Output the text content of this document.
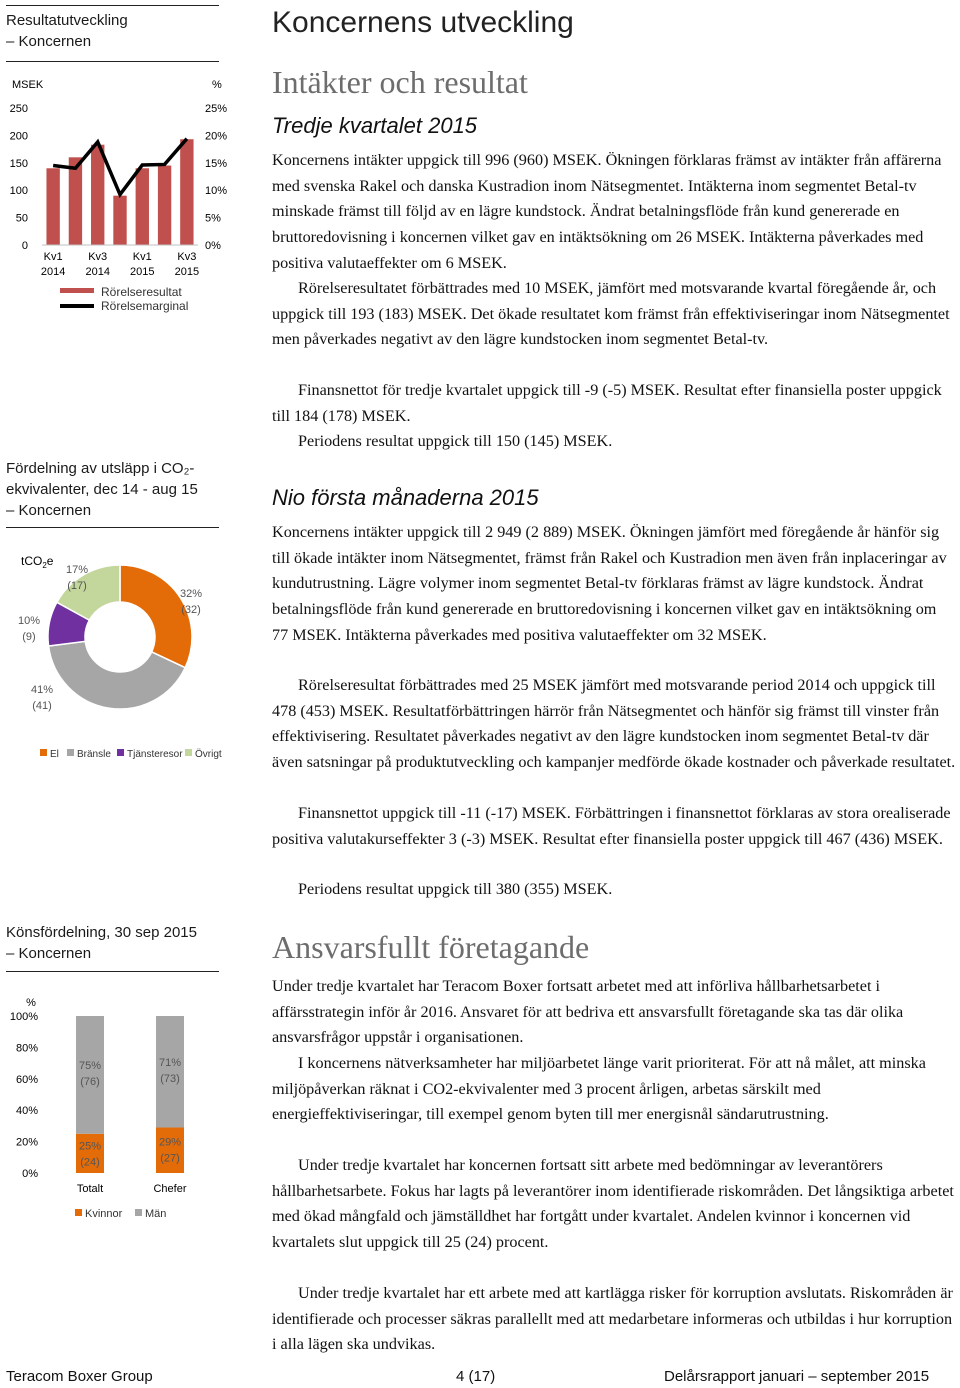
Resultatutveckling
– Koncernen
MSEK	%
250
200
150
100
50
0
25%
20%
15%
10%
5%
0%
Kv1
2014
Kv3
2014
Kv1
2015
Kv3
2015
Rörelseresultat
Rörelsemarginal
Fördelning av utsläpp i CO₂-
ekvivalenter, dec 14 - aug 15
– Koncernen
tCO$_2$e
32%
(32)
41%
(41)
10%
(9)
17%
(17)
El Bränsle Tjänsteresor Övrigt
Könsfördelning, 30 sep 2015
– Koncernen
%
100%
80%
60%
40%
20%
0%
75%
(76)
25%
(24)
Totalt
71%
(73)
29%
(27)
Chefer
Kvinnor Män
Koncernens utveckling
Intäkter och resultat
Tredje kvartalet 2015

Koncernens intäkter uppgick till 996 (960) MSEK. Ökningen förklaras främst av intäkter från affärerna med svenska Rakel och danska Kustradion inom Nätsegmentet. Intäkterna inom segmentet Betal-tv minskade främst till följd av en lägre kundstock. Ändrat betalningsflöde från kund genererade en bruttoredovisning i koncernen vilket gav en intäktsökning om 26 MSEK. Intäkterna påverkades med positiva valutaeffekter om 6 MSEK.

Rörelseresultatet förbättrades med 10 MSEK, jämfört med motsvarande kvartal föregående år, och uppgick till 193 (183) MSEK. Det ökade resultatet kom främst från effektiviseringar inom Nätsegmentet men påverkades negativt av den lägre kundstocken inom segmentet Betal-tv.

Finansnettot för tredje kvartalet uppgick till -9 (-5) MSEK. Resultat efter finansiella poster uppgick till 184 (178) MSEK.

Periodens resultat uppgick till 150 (145) MSEK.

Nio första månaderna 2015

Koncernens intäkter uppgick till 2 949 (2 889) MSEK. Ökningen jämfört med föregående år hänför sig till ökade intäkter inom Nätsegmentet, främst från Rakel och Kustradion men även från inplaceringar av kundutrustning. Lägre volymer inom segmentet Betal-tv förklaras främst av lägre kundstock. Ändrat betalningsflöde från kund genererade en bruttoredovisning i koncernen vilket gav en intäktsökning om 77 MSEK. Intäkterna påverkades med positiva valutaeffekter om 32 MSEK.

Rörelseresultat förbättrades med 25 MSEK jämfört med motsvarande period 2014 och uppgick till 478 (453) MSEK. Resultatförbättringen härrör från Nätsegmentet och hänför sig främst till vinster från effektivisering. Resultatet påverkades negativt av den lägre kundstocken inom segmentet Betal-tv där även satsningar på produktutveckling och kampanjer medförde ökade kostnader och påverkade resultatet.

Finansnettot uppgick till -11 (-17) MSEK. Förbättringen i finansnettot förklaras av stora orealiserade positiva valutakurseffekter 3 (-3) MSEK. Resultat efter finansiella poster uppgick till 467 (436) MSEK.

Periodens resultat uppgick till 380 (355) MSEK.

Ansvarsfullt företagande

Under tredje kvartalet har Teracom Boxer fortsatt arbetet med att införliva hållbarhetsarbetet i affärsstrategin inför år 2016. Ansvaret för att bedriva ett ansvarsfullt företagande ska tas där olika ansvarsfrågor uppstår i organisationen.

I koncernens nätverksamheter har miljöarbetet länge varit prioriterat. För att nå målet, att minska miljöpåverkan räknat i CO2-ekvivalenter med 3 procent årligen, arbetas särskilt med energieffektiviseringar, till exempel genom byten till mer energisnål sändarutrustning.

Under tredje kvartalet har koncernen fortsatt sitt arbete med bedömningar av leverantörers hållbarhetsarbete. Fokus har lagts på leverantörer inom identifierade riskområden. Det långsiktiga arbetet med ökad mångfald och jämställdhet har fortgått under kvartalet. Andelen kvinnor i koncernen vid kvartalets slut uppgick till 25 (24) procent.

Under tredje kvartalet har ett arbete med att kartlägga risker för korruption avslutats. Riskområden är identifierade och processer säkras parallellt med att medarbetare informeras och utbildas i hur korruption i alla lägen ska undvikas.

Teracom Boxer Group	4 (17)	Delårsrapport januari – september 2015
